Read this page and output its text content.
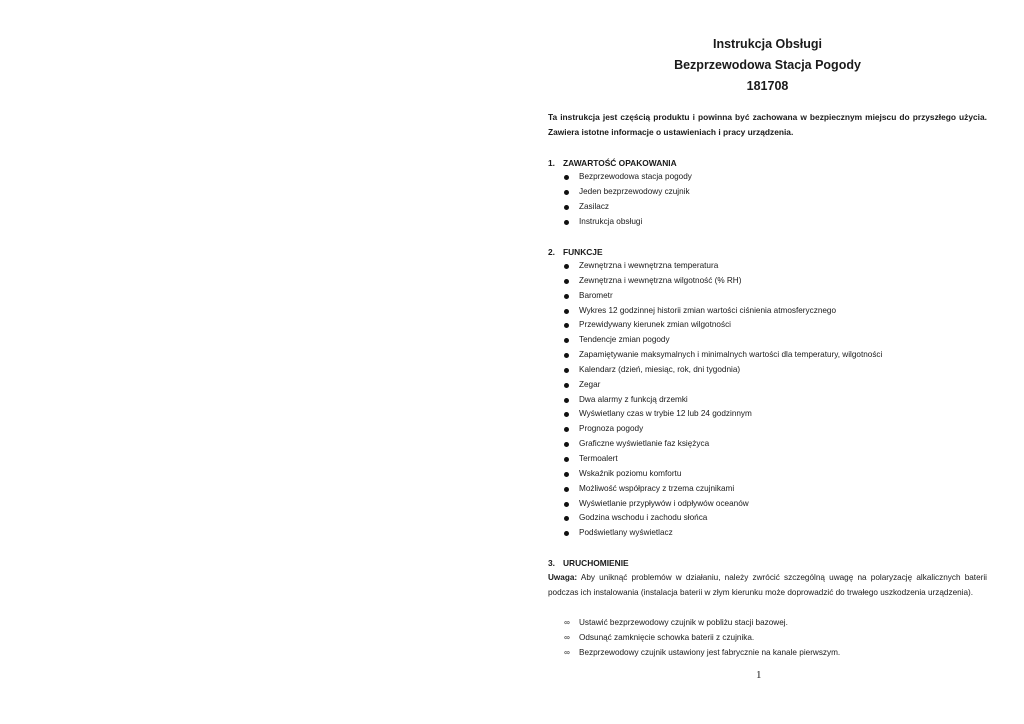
Instrukcja Obsługi
Bezprzewodowa Stacja Pogody
181708
Ta instrukcja jest częścią produktu i powinna być zachowana w bezpiecznym miejscu do przyszłego użycia. Zawiera istotne informacje o ustawieniach i pracy urządzenia.
1. ZAWARTOŚĆ OPAKOWANIA
Bezprzewodowa stacja pogody
Jeden bezprzewodowy czujnik
Zasilacz
Instrukcja obsługi
2. FUNKCJE
Zewnętrzna i wewnętrzna temperatura
Zewnętrzna i wewnętrzna wilgotność (% RH)
Barometr
Wykres 12 godzinnej historii zmian wartości ciśnienia atmosferycznego
Przewidywany kierunek zmian wilgotności
Tendencje zmian pogody
Zapamiętywanie maksymalnych i minimalnych wartości dla temperatury, wilgotności
Kalendarz (dzień, miesiąc, rok, dni tygodnia)
Zegar
Dwa alarmy z funkcją drzemki
Wyświetlany czas w trybie 12 lub 24 godzinnym
Prognoza pogody
Graficzne wyświetlanie faz księżyca
Termoalert
Wskaźnik poziomu komfortu
Możliwość współpracy z trzema czujnikami
Wyświetlanie przypływów i odpływów oceanów
Godzina wschodu i zachodu słońca
Podświetlany wyświetlacz
3. URUCHOMIENIE
Uwaga: Aby uniknąć problemów w działaniu, należy zwrócić szczególną uwagę na polaryzację alkalicznych baterii podczas ich instalowania (instalacja baterii w złym kierunku może doprowadzić do trwałego uszkodzenia urządzenia).
∞ Ustawić bezprzewodowy czujnik w pobliżu stacji bazowej.
∞ Odsunąć zamknięcie schowka baterii z czujnika.
∞ Bezprzewodowy czujnik ustawiony jest fabrycznie na kanale pierwszym.
1
